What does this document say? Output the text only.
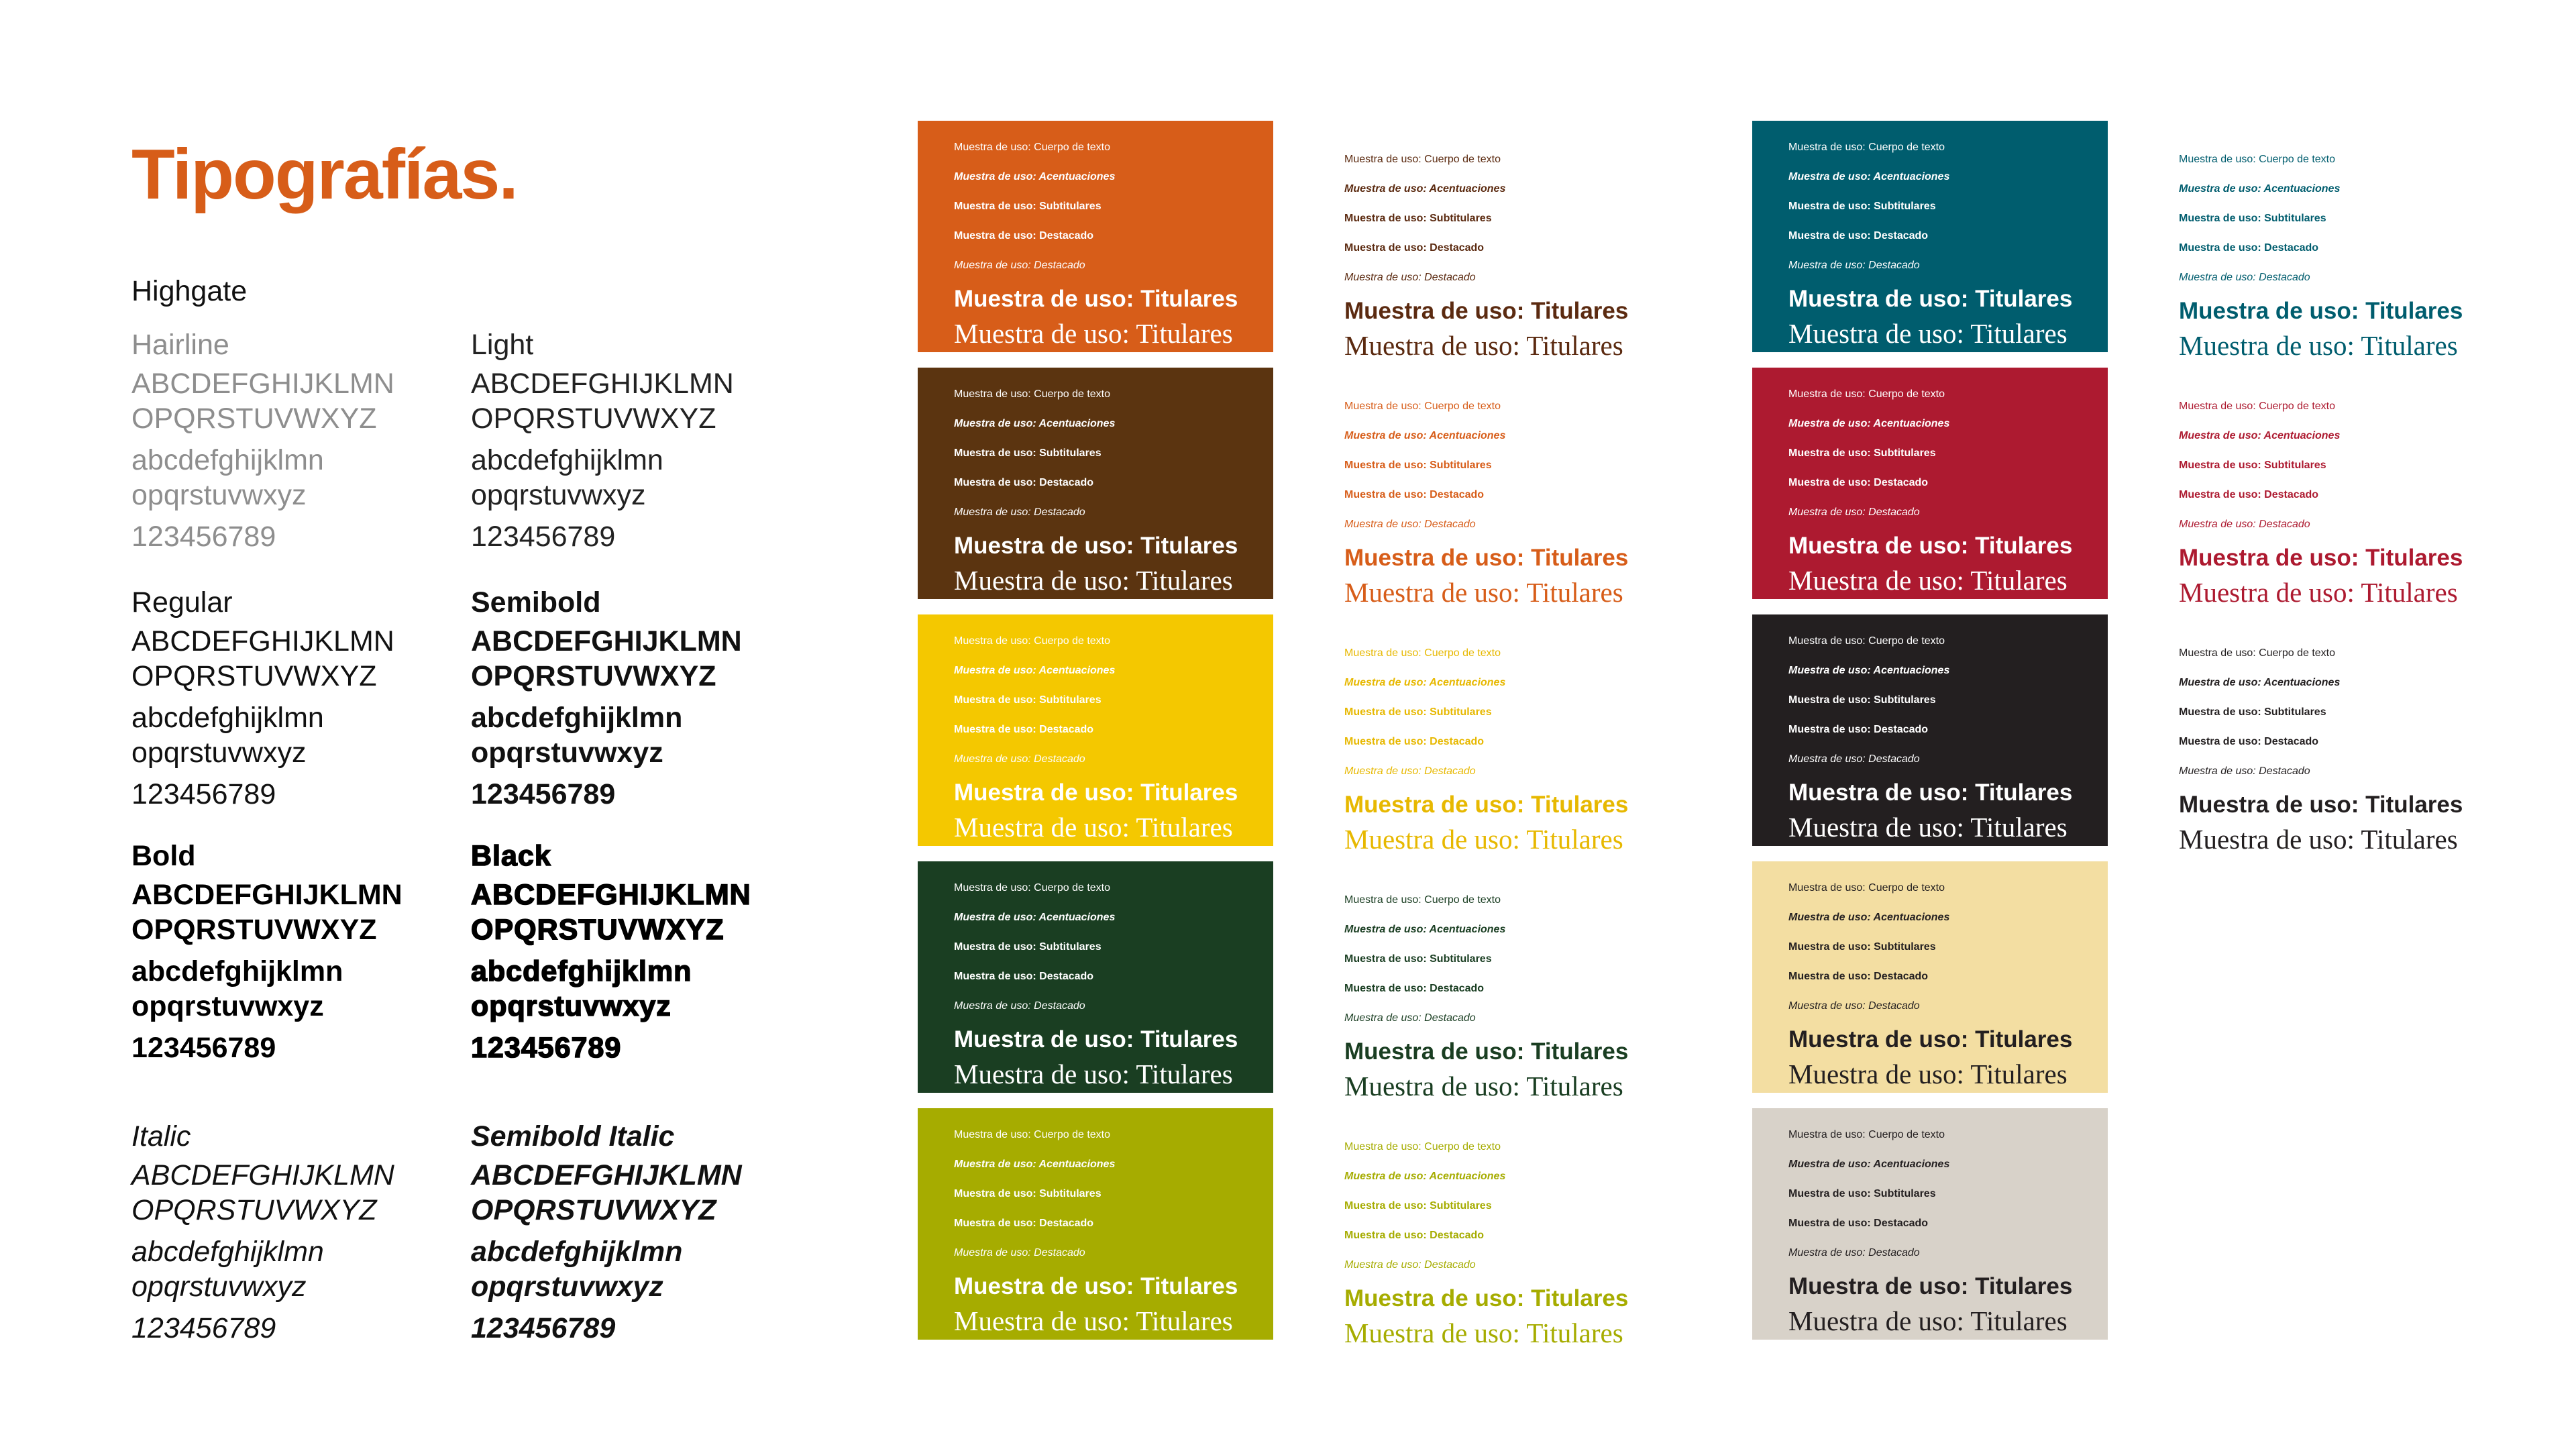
Tipografías.
Highgate
Hairline
ABCDEFGHIJKLMN
OPQRSTUVWXYZ
abcdefghijklmn
opqrstuvwxyz
123456789
Light
ABCDEFGHIJKLMN
OPQRSTUVWXYZ
abcdefghijklmn
opqrstuvwxyz
123456789
Regular
ABCDEFGHIJKLMN
OPQRSTUVWXYZ
abcdefghijklmn
opqrstuvwxyz
123456789
Semibold
ABCDEFGHIJKLMN
OPQRSTUVWXYZ
abcdefghijklmn
opqrstuvwxyz
123456789
Bold
ABCDEFGHIJKLMN
OPQRSTUVWXYZ
abcdefghijklmn
opqrstuvwxyz
123456789
Black
ABCDEFGHIJKLMN
OPQRSTUVWXYZ
abcdefghijklmn
opqrstuvwxyz
123456789
Italic
ABCDEFGHIJKLMN
OPQRSTUVWXYZ
abcdefghijklmn
opqrstuvwxyz
123456789
Semibold Italic
ABCDEFGHIJKLMN
OPQRSTUVWXYZ
abcdefghijklmn
opqrstuvwxyz
123456789
Muestra de uso: Cuerpo de texto
Muestra de uso: Acentuaciones
Muestra de uso: Subtitulares
Muestra de uso: Destacado
Muestra de uso: Destacado
Muestra de uso: Titulares
Muestra de uso: Titulares
Muestra de uso: Cuerpo de texto
Muestra de uso: Acentuaciones
Muestra de uso: Subtitulares
Muestra de uso: Destacado
Muestra de uso: Destacado
Muestra de uso: Titulares
Muestra de uso: Titulares
Muestra de uso: Cuerpo de texto
Muestra de uso: Acentuaciones
Muestra de uso: Subtitulares
Muestra de uso: Destacado
Muestra de uso: Destacado
Muestra de uso: Titulares
Muestra de uso: Titulares
Muestra de uso: Cuerpo de texto
Muestra de uso: Acentuaciones
Muestra de uso: Subtitulares
Muestra de uso: Destacado
Muestra de uso: Destacado
Muestra de uso: Titulares
Muestra de uso: Titulares
Muestra de uso: Cuerpo de texto
Muestra de uso: Acentuaciones
Muestra de uso: Subtitulares
Muestra de uso: Destacado
Muestra de uso: Destacado
Muestra de uso: Titulares
Muestra de uso: Titulares
Muestra de uso: Cuerpo de texto
Muestra de uso: Acentuaciones
Muestra de uso: Subtitulares
Muestra de uso: Destacado
Muestra de uso: Destacado
Muestra de uso: Titulares
Muestra de uso: Titulares
Muestra de uso: Cuerpo de texto
Muestra de uso: Acentuaciones
Muestra de uso: Subtitulares
Muestra de uso: Destacado
Muestra de uso: Destacado
Muestra de uso: Titulares
Muestra de uso: Titulares
Muestra de uso: Cuerpo de texto
Muestra de uso: Acentuaciones
Muestra de uso: Subtitulares
Muestra de uso: Destacado
Muestra de uso: Destacado
Muestra de uso: Titulares
Muestra de uso: Titulares
Muestra de uso: Cuerpo de texto
Muestra de uso: Acentuaciones
Muestra de uso: Subtitulares
Muestra de uso: Destacado
Muestra de uso: Destacado
Muestra de uso: Titulares
Muestra de uso: Titulares
Muestra de uso: Cuerpo de texto
Muestra de uso: Acentuaciones
Muestra de uso: Subtitulares
Muestra de uso: Destacado
Muestra de uso: Destacado
Muestra de uso: Titulares
Muestra de uso: Titulares
Muestra de uso: Cuerpo de texto
Muestra de uso: Acentuaciones
Muestra de uso: Subtitulares
Muestra de uso: Destacado
Muestra de uso: Destacado
Muestra de uso: Titulares
Muestra de uso: Titulares
Muestra de uso: Cuerpo de texto
Muestra de uso: Acentuaciones
Muestra de uso: Subtitulares
Muestra de uso: Destacado
Muestra de uso: Destacado
Muestra de uso: Titulares
Muestra de uso: Titulares
Muestra de uso: Cuerpo de texto
Muestra de uso: Acentuaciones
Muestra de uso: Subtitulares
Muestra de uso: Destacado
Muestra de uso: Destacado
Muestra de uso: Titulares
Muestra de uso: Titulares
Muestra de uso: Cuerpo de texto
Muestra de uso: Acentuaciones
Muestra de uso: Subtitulares
Muestra de uso: Destacado
Muestra de uso: Destacado
Muestra de uso: Titulares
Muestra de uso: Titulares
Muestra de uso: Cuerpo de texto
Muestra de uso: Acentuaciones
Muestra de uso: Subtitulares
Muestra de uso: Destacado
Muestra de uso: Destacado
Muestra de uso: Titulares
Muestra de uso: Titulares
Muestra de uso: Cuerpo de texto
Muestra de uso: Acentuaciones
Muestra de uso: Subtitulares
Muestra de uso: Destacado
Muestra de uso: Destacado
Muestra de uso: Titulares
Muestra de uso: Titulares
Muestra de uso: Cuerpo de texto
Muestra de uso: Acentuaciones
Muestra de uso: Subtitulares
Muestra de uso: Destacado
Muestra de uso: Destacado
Muestra de uso: Titulares
Muestra de uso: Titulares
Muestra de uso: Cuerpo de texto
Muestra de uso: Acentuaciones
Muestra de uso: Subtitulares
Muestra de uso: Destacado
Muestra de uso: Destacado
Muestra de uso: Titulares
Muestra de uso: Titulares
